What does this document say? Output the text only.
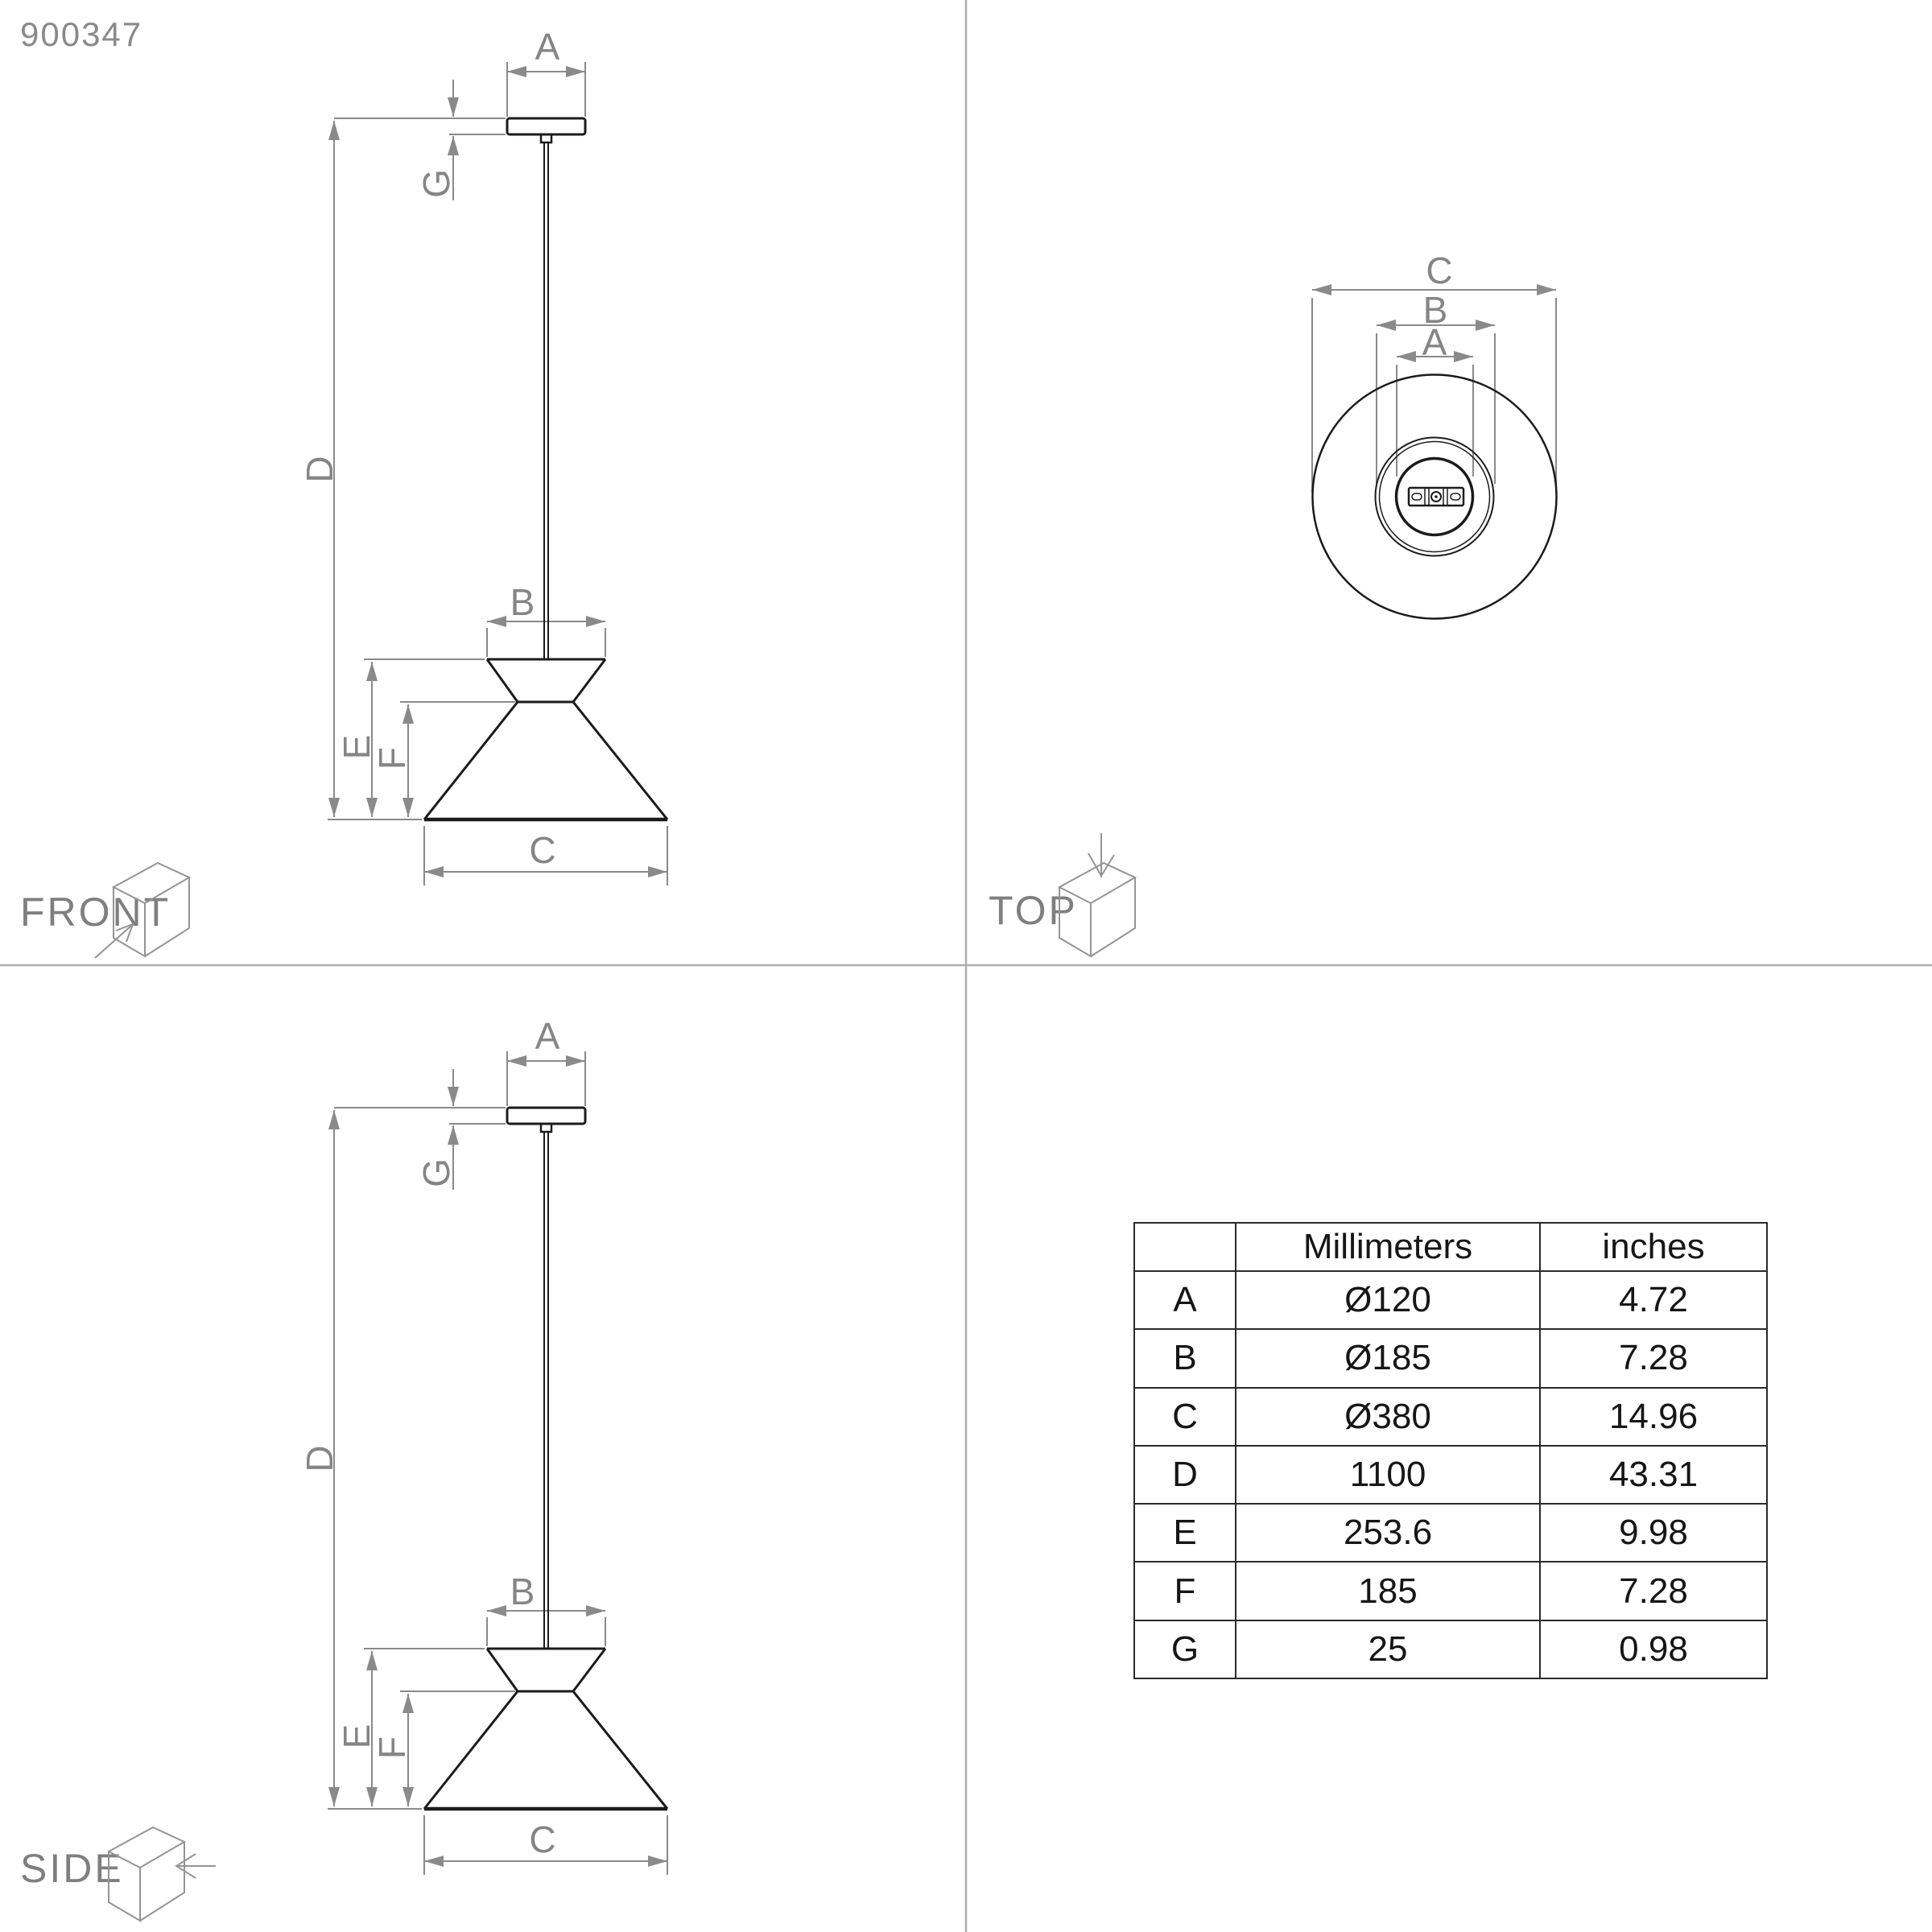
900347	A
G
D
B
E
F
C
FRONT
C
B
A
TOP
A
G
D
B
E
F
C
SIDE
	Millimeters	inches
A	Ø120	4.72
B	Ø185	7.28
C	Ø380	14.96
D	1100	43.31
E	253.6	9.98
F	185	7.28
G	25	0.98
